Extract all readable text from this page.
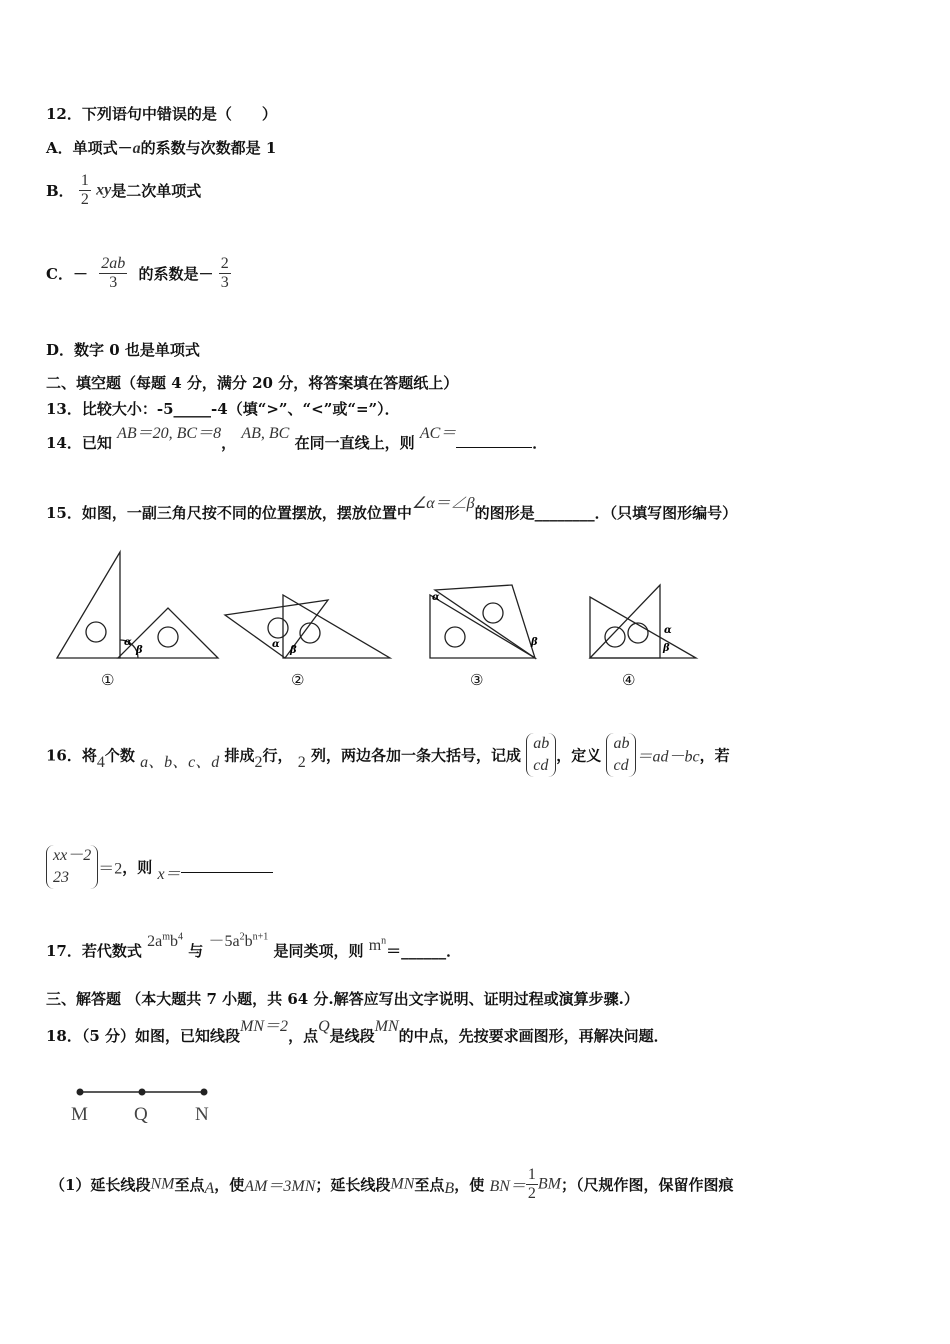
12．下列语句中错误的是（　　）
A．单项式－a的系数与次数都是 1
B． $\frac{1}{2}$ xy是二次单项式
C．－ $\frac{2ab}{3}$ 的系数是－ $\frac{2}{3}$
D．数字 0 也是单项式
二、填空题（每题 4 分，满分 20 分，将答案填在答题纸上）
13．比较大小：-5_____-4（填“>”、“<”或“=”）．
14．已知 AB＝20, BC＝8， AB, BC 在同一直线上，则 AC＝．
15．如图，一副三角尺按不同的位置摆放，摆放位置中∠α＝∠β的图形是________．（只填写图形编号）
α
β
α
β
α
β
α
β
①	②	③	④
16．将4个数 a、b、c、d 排成2行， 2 列，两边各加一条大括号，记成 ab
cd，定义 ab
cd ＝ad－bc，若
xx－2
23 ＝2，则 x＝
17．若代数式 $2a^mb^4$ 与 $-5a^2b^{n+1}$ 是同类项，则 $m^n=\_\_\_\_\_\_$．
三、解答题 （本大题共 7 小题，共 64 分.解答应写出文字说明、证明过程或演算步骤.）
18．（5 分）如图，已知线段MN＝2，点Q是线段MN的中点，先按要求画图形，再解决问题．
M Q N
（1）延长线段NM至点A，使AM＝3MN；延长线段MN至点B，使 $BN= \frac{1}{2}$ BM；（尺规作图，保留作图痕
